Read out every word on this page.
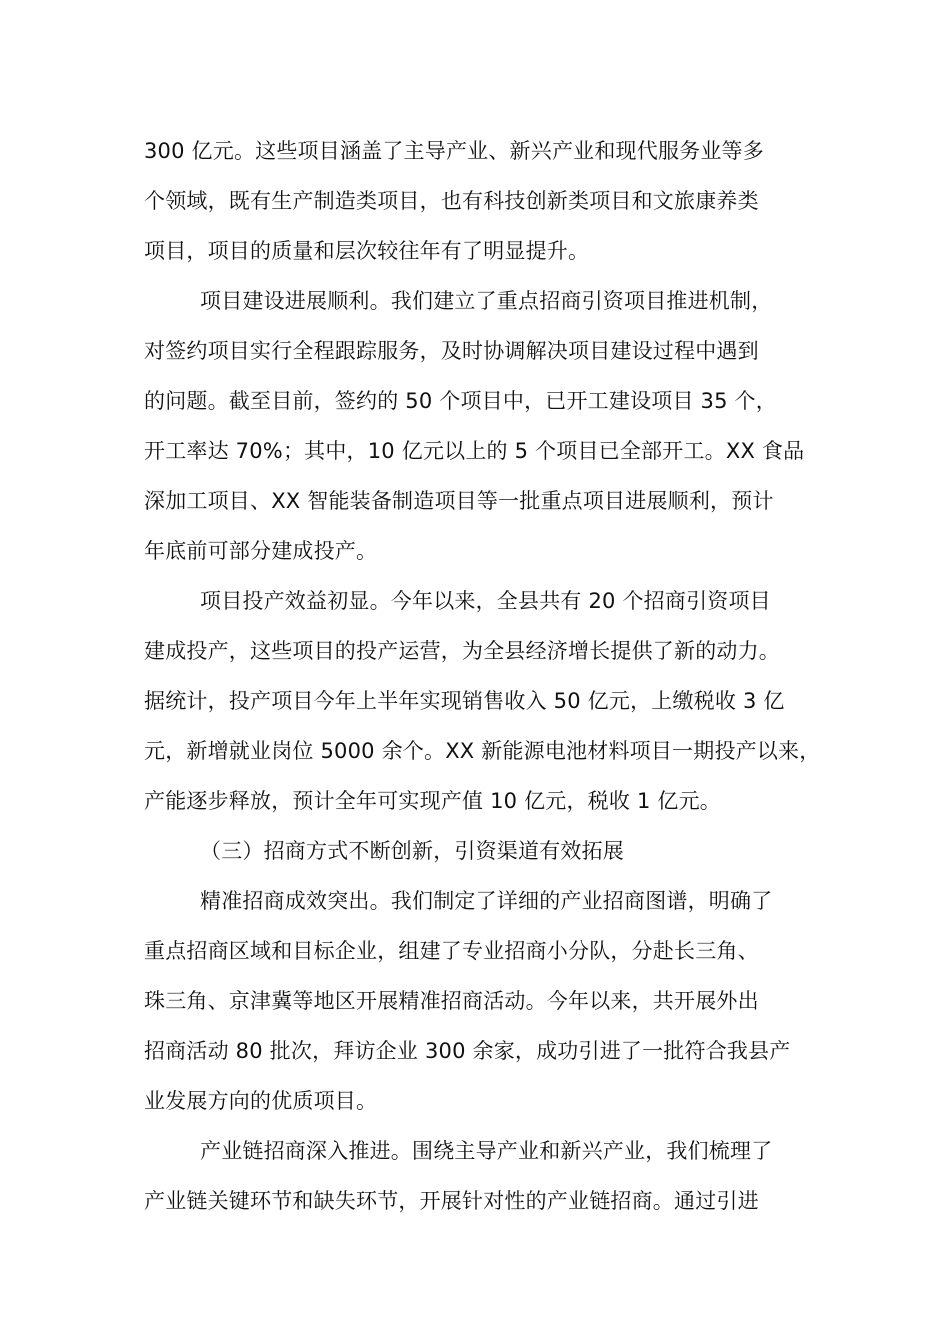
300 亿元。这些项目涵盖了主导产业、新兴产业和现代服务业等多
个领域，既有生产制造类项目，也有科技创新类项目和文旅康养类
项目，项目的质量和层次较往年有了明显提升。
项目建设进展顺利。我们建立了重点招商引资项目推进机制，
对签约项目实行全程跟踪服务，及时协调解决项目建设过程中遇到
的问题。截至目前，签约的 50 个项目中，已开工建设项目 35 个，
开工率达 70%；其中，10 亿元以上的 5 个项目已全部开工。XX 食品
深加工项目、XX 智能装备制造项目等一批重点项目进展顺利，预计
年底前可部分建成投产。
项目投产效益初显。今年以来，全县共有 20 个招商引资项目
建成投产，这些项目的投产运营，为全县经济增长提供了新的动力。
据统计，投产项目今年上半年实现销售收入 50 亿元，上缴税收 3 亿
元，新增就业岗位 5000 余个。XX 新能源电池材料项目一期投产以来，
产能逐步释放，预计全年可实现产值 10 亿元，税收 1 亿元。
（三）招商方式不断创新，引资渠道有效拓展
精准招商成效突出。我们制定了详细的产业招商图谱，明确了
重点招商区域和目标企业，组建了专业招商小分队，分赴长三角、
珠三角、京津冀等地区开展精准招商活动。今年以来，共开展外出
招商活动 80 批次，拜访企业 300 余家，成功引进了一批符合我县产
业发展方向的优质项目。
产业链招商深入推进。围绕主导产业和新兴产业，我们梳理了
产业链关键环节和缺失环节，开展针对性的产业链招商。通过引进
